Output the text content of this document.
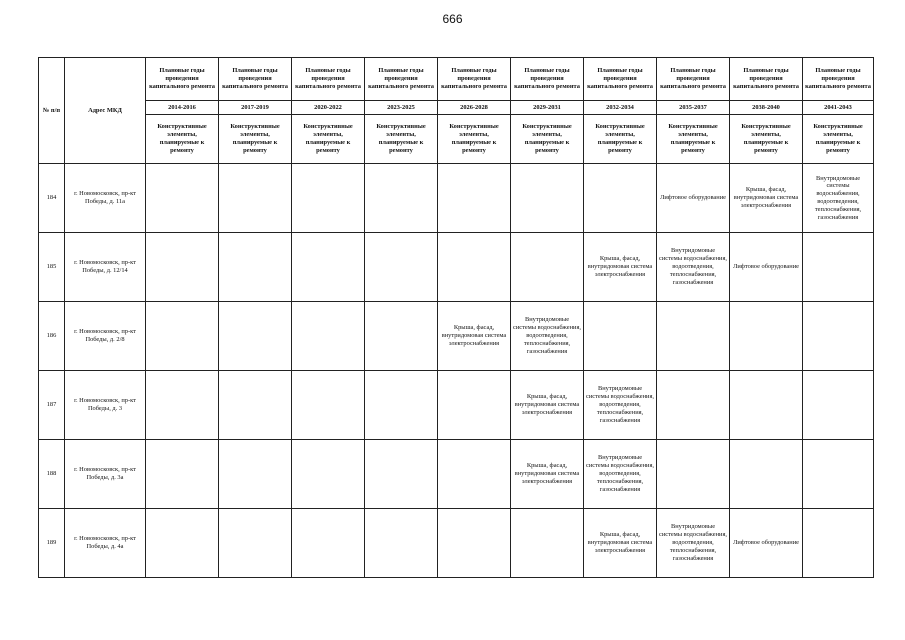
666
№ п/п	Адрес МКД	Плановые годы проведения капитального ремонта	Плановые годы проведения капитального ремонта	Плановые годы проведения капитального ремонта	Плановые годы проведения капитального ремонта	Плановые годы проведения капитального ремонта	Плановые годы проведения капитального ремонта	Плановые годы проведения капитального ремонта	Плановые годы проведения капитального ремонта	Плановые годы проведения капитального ремонта	Плановые годы проведения капитального ремонта
		2014-2016	2017-2019	2020-2022	2023-2025	2026-2028	2029-2031	2032-2034	2035-2037	2038-2040	2041-2043
		Конструктивные элементы, планируемые к ремонту	Конструктивные элементы, планируемые к ремонту	Конструктивные элементы, планируемые к ремонту	Конструктивные элементы, планируемые к ремонту	Конструктивные элементы, планируемые к ремонту	Конструктивные элементы, планируемые к ремонту	Конструктивные элементы, планируемые к ремонту	Конструктивные элементы, планируемые к ремонту	Конструктивные элементы, планируемые к ремонту	Конструктивные элементы, планируемые к ремонту
184	г. Новомосковск, пр-кт Победы, д. 11а								Лифтовое оборудование	Крыша, фасад, внутридомовая система электроснабжения	Внутридомовые системы водоснабжения, водоотведения, теплоснабжения, газоснабжения
185	г. Новомосковск, пр-кт Победы, д. 12/14							Крыша, фасад, внутридомовая система электроснабжения	Внутридомовые системы водоснабжения, водоотведения, теплоснабжения, газоснабжения	Лифтовое оборудование	
186	г. Новомосковск, пр-кт Победы, д. 2/8					Крыша, фасад, внутридомовая система электроснабжения	Внутридомовые системы водоснабжения, водоотведения, теплоснабжения, газоснабжения				
187	г. Новомосковск, пр-кт Победы, д. 3						Крыша, фасад, внутридомовая система электроснабжения	Внутридомовые системы водоснабжения, водоотведения, теплоснабжения, газоснабжения			
188	г. Новомосковск, пр-кт Победы, д. 3а						Крыша, фасад, внутридомовая система электроснабжения	Внутридомовые системы водоснабжения, водоотведения, теплоснабжения, газоснабжения			
189	г. Новомосковск, пр-кт Победы, д. 4а							Крыша, фасад, внутридомовая система электроснабжения	Внутридомовые системы водоснабжения, водоотведения, теплоснабжения, газоснабжения	Лифтовое оборудование	
